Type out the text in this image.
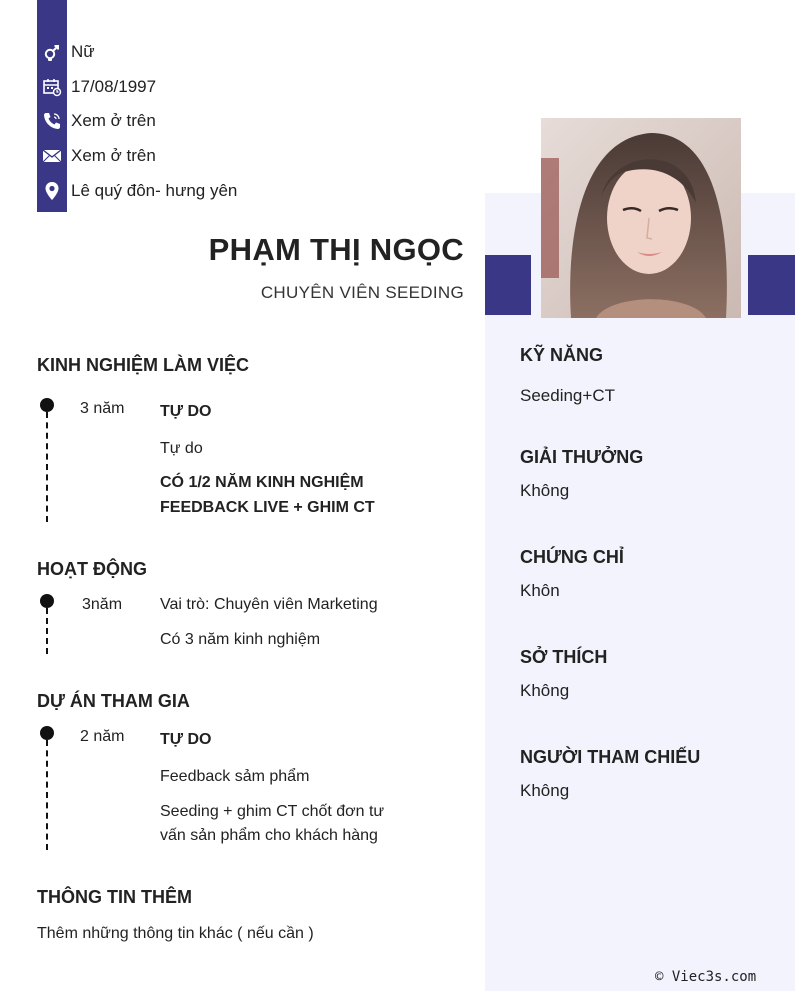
Nữ
17/08/1997
Xem ở trên
Xem ở trên
Lê quý đôn- hưng yên
PHẠM THỊ NGỌC
CHUYÊN VIÊN SEEDING
KINH NGHIỆM LÀM VIỆC
3 năm TỰ DO
Tự do
CÓ 1/2 NĂM KINH NGHIỆM
FEEDBACK LIVE + GHIM CT
HOẠT ĐỘNG
3năm Vai trò: Chuyên viên Marketing
Có 3 năm kinh nghiệm
DỰ ÁN THAM GIA
2 năm TỰ DO
Feedback sảm phẩm
Seeding + ghim CT chốt đơn tư
vấn sản phẩm cho khách hàng
THÔNG TIN THÊM
Thêm những thông tin khác ( nếu cần )
KỸ NĂNG
Seeding+CT
GIẢI THƯỞNG
Không
CHỨNG CHỈ
Khôn
SỞ THÍCH
Không
NGƯỜI THAM CHIẾU
Không
© Viec3s.com
